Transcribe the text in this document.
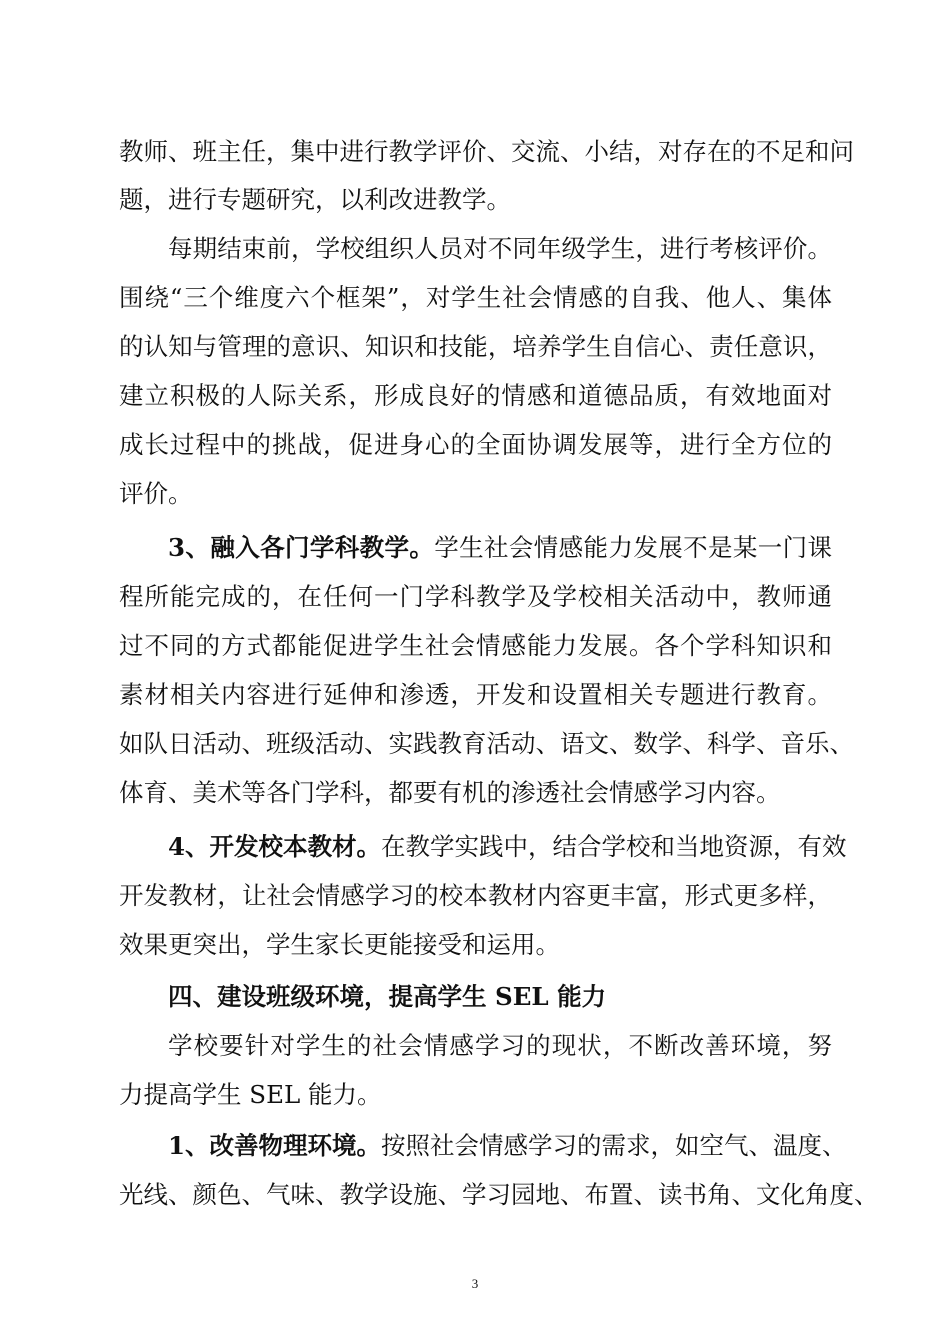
教师、班主任，集中进行教学评价、交流、小结，对存在的不足和问
题，进行专题研究，以利改进教学。
每期结束前，学校组织人员对不同年级学生，进行考核评价。
围绕“三个维度六个框架”，对学生社会情感的自我、他人、集体
的认知与管理的意识、知识和技能，培养学生自信心、责任意识，
建立积极的人际关系，形成良好的情感和道德品质，有效地面对
成长过程中的挑战，促进身心的全面协调发展等，进行全方位的
评价。
3、融入各门学科教学。学生社会情感能力发展不是某一门课
程所能完成的，在任何一门学科教学及学校相关活动中，教师通
过不同的方式都能促进学生社会情感能力发展。各个学科知识和
素材相关内容进行延伸和渗透，开发和设置相关专题进行教育。
如队日活动、班级活动、实践教育活动、语文、数学、科学、音乐、
体育、美术等各门学科，都要有机的渗透社会情感学习内容。
4、开发校本教材。在教学实践中，结合学校和当地资源，有效
开发教材，让社会情感学习的校本教材内容更丰富，形式更多样，
效果更突出，学生家长更能接受和运用。
四、建设班级环境，提高学生 SEL 能力
学校要针对学生的社会情感学习的现状，不断改善环境，努
力提高学生 SEL 能力。
1、改善物理环境。按照社会情感学习的需求，如空气、温度、
光线、颜色、气味、教学设施、学习园地、布置、读书角、文化角度、
3
